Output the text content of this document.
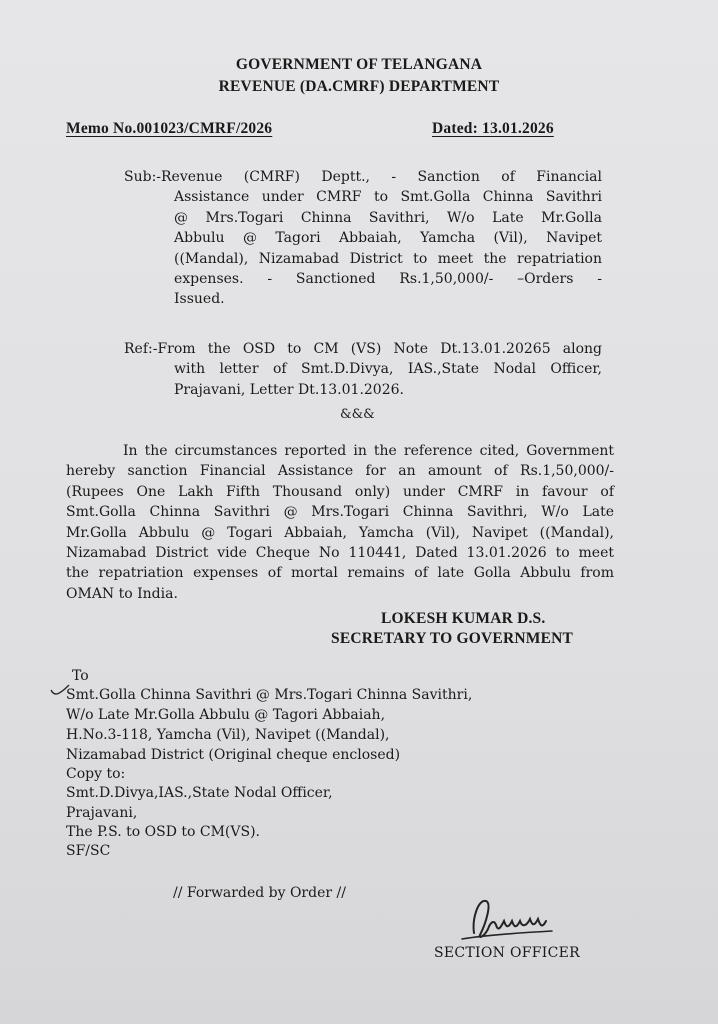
GOVERNMENT OF TELANGANA
REVENUE (DA.CMRF) DEPARTMENT
Memo No.001023/CMRF/2026	Dated: 13.01.2026
Sub:-Revenue (CMRF) Deptt., - Sanction of Financial
Assistance under CMRF to Smt.Golla Chinna Savithri
@ Mrs.Togari Chinna Savithri, W/o Late Mr.Golla
Abbulu @ Tagori Abbaiah, Yamcha (Vil), Navipet
((Mandal), Nizamabad District to meet the repatriation
expenses. - Sanctioned Rs.1,50,000/- –Orders -
Issued.
Ref:-From the OSD to CM (VS) Note Dt.13.01.20265 along
with letter of Smt.D.Divya, IAS.,State Nodal Officer,
Prajavani, Letter Dt.13.01.2026.
&&&
In the circumstances reported in the reference cited, Government
hereby sanction Financial Assistance for an amount of Rs.1,50,000/-
(Rupees One Lakh Fifth Thousand only) under CMRF in favour of
Smt.Golla Chinna Savithri @ Mrs.Togari Chinna Savithri, W/o Late
Mr.Golla Abbulu @ Togari Abbaiah, Yamcha (Vil), Navipet ((Mandal),
Nizamabad District vide Cheque No 110441, Dated 13.01.2026 to meet
the repatriation expenses of mortal remains of late Golla Abbulu from
OMAN to India.
LOKESH KUMAR D.S.
SECRETARY TO GOVERNMENT
To
Smt.Golla Chinna Savithri @ Mrs.Togari Chinna Savithri,
W/o Late Mr.Golla Abbulu @ Tagori Abbaiah,
H.No.3-118, Yamcha (Vil), Navipet ((Mandal),
Nizamabad District (Original cheque enclosed)
Copy to:
Smt.D.Divya,IAS.,State Nodal Officer,
Prajavani,
The P.S. to OSD to CM(VS).
SF/SC
// Forwarded by Order //
SECTION OFFICER
